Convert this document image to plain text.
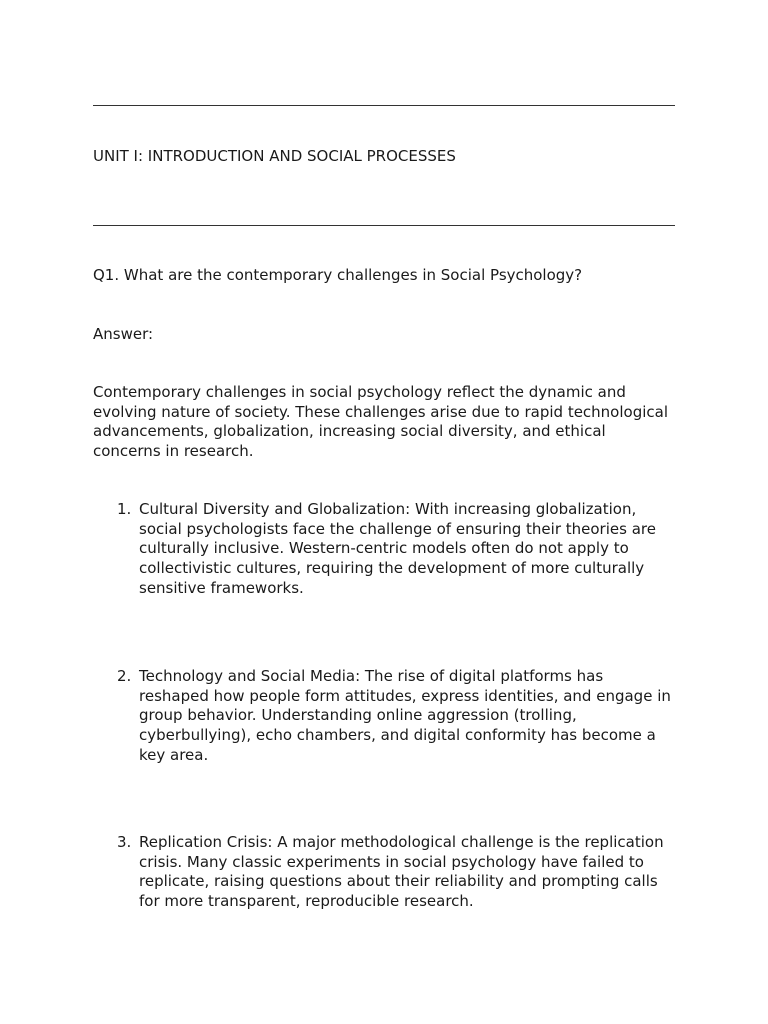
UNIT I: INTRODUCTION AND SOCIAL PROCESSES

Q1. What are the contemporary challenges in Social Psychology?

Answer:

Contemporary challenges in social psychology reflect the dynamic and evolving nature of society. These challenges arise due to rapid technological advancements, globalization, increasing social diversity, and ethical concerns in research.

1. Cultural Diversity and Globalization: With increasing globalization, social psychologists face the challenge of ensuring their theories are culturally inclusive. Western-centric models often do not apply to collectivistic cultures, requiring the development of more culturally sensitive frameworks.
2. Technology and Social Media: The rise of digital platforms has reshaped how people form attitudes, express identities, and engage in group behavior. Understanding online aggression (trolling, cyberbullying), echo chambers, and digital conformity has become a key area.
3. Replication Crisis: A major methodological challenge is the replication crisis. Many classic experiments in social psychology have failed to replicate, raising questions about their reliability and prompting calls for more transparent, reproducible research.
